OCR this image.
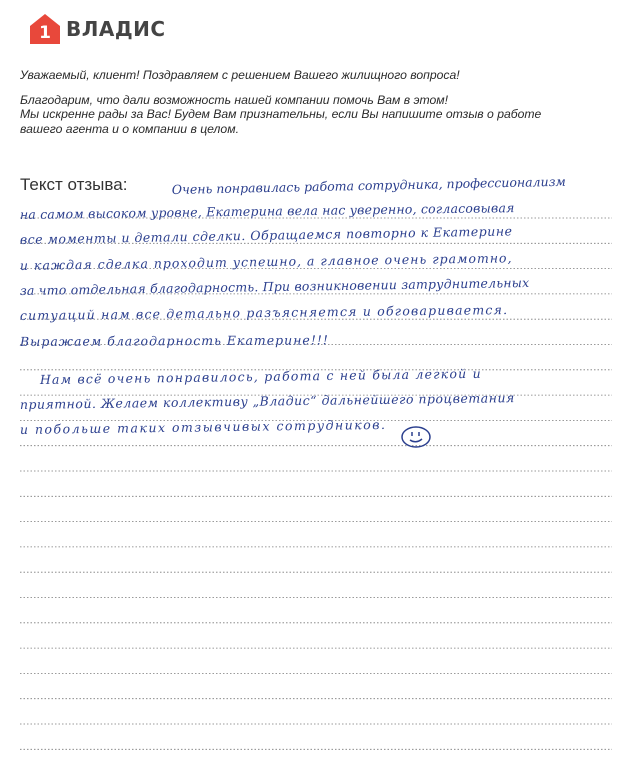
1 ВЛАДИС

Уважаемый, клиент! Поздравляем с решением Вашего жилищного вопроса!

Благодарим, что дали возможность нашей компании помочь Вам в этом!

Мы искренне рады за Вас! Будем Вам признательны, если Вы напишите отзыв о работе

вашего агента и о компании в целом.

Текст отзыва:	Очень понравилась работа сотрудника, профессионализм
на самом высоком уровне, Екатерина вела нас уверенно, согласовывая
все моменты и детали сделки. Обращаемся повторно к Екатерине
и каждая сделка проходит успешно, а главное очень грамотно,
за что отдельная благодарность. При возникновении затруднительных
ситуаций нам все детально разъясняется и обговаривается.
Выражаем благодарность Екатерине!!!
Нам всё очень понравилось, работа с ней была легкой и
приятной. Желаем коллективу „Владис“ дальнейшего процветания
и побольше таких отзывчивых сотрудников.
